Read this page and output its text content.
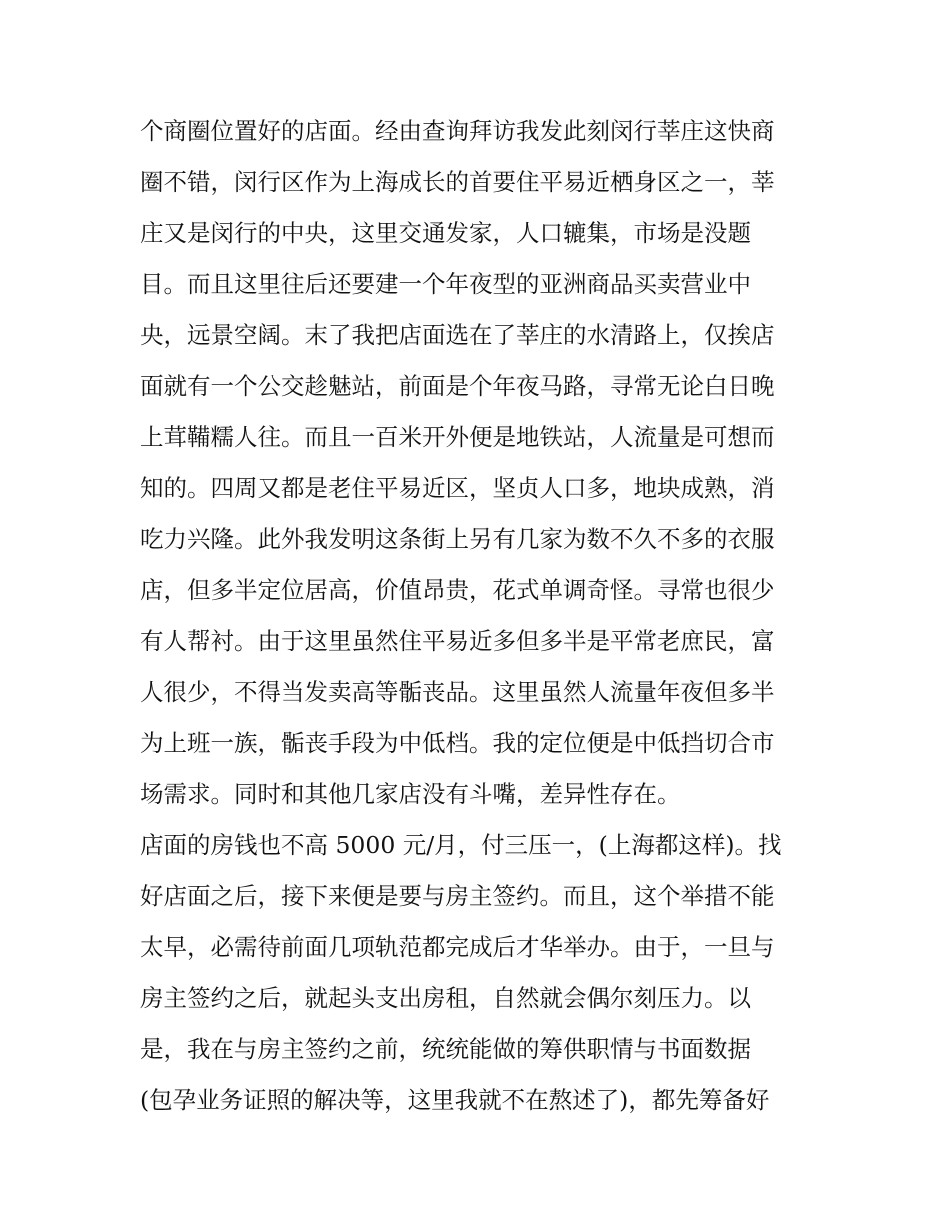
个商圈位置好的店面。经由查询拜访我发此刻闵行莘庄这快商
圈不错，闵行区作为上海成长的首要住平易近栖身区之一，莘
庄又是闵行的中央，这里交通发家，人口辘集，市场是没题
目。而且这里往后还要建一个年夜型的亚洲商品买卖营业中
央，远景空阔。末了我把店面选在了莘庄的水清路上，仅挨店
面就有一个公交趁魅站，前面是个年夜马路，寻常无论白日晚
上茸鞴糯人往。而且一百米开外便是地铁站，人流量是可想而
知的。四周又都是老住平易近区，坚贞人口多，地块成熟，消
吃力兴隆。此外我发明这条街上另有几家为数不久不多的衣服
店，但多半定位居高，价值昂贵，花式单调奇怪。寻常也很少
有人帮衬。由于这里虽然住平易近多但多半是平常老庶民，富
人很少，不得当发卖高等骺丧品。这里虽然人流量年夜但多半
为上班一族，骺丧手段为中低档。我的定位便是中低挡切合市
场需求。同时和其他几家店没有斗嘴，差异性存在。
店面的房钱也不高 5000 元/月，付三压一，(上海都这样)。找
好店面之后，接下来便是要与房主签约。而且，这个举措不能
太早，必需待前面几项轨范都完成后才华举办。由于，一旦与
房主签约之后，就起头支出房租，自然就会偶尔刻压力。以
是，我在与房主签约之前，统统能做的筹供职情与书面数据
(包孕业务证照的解决等，这里我就不在熬述了)，都先筹备好
